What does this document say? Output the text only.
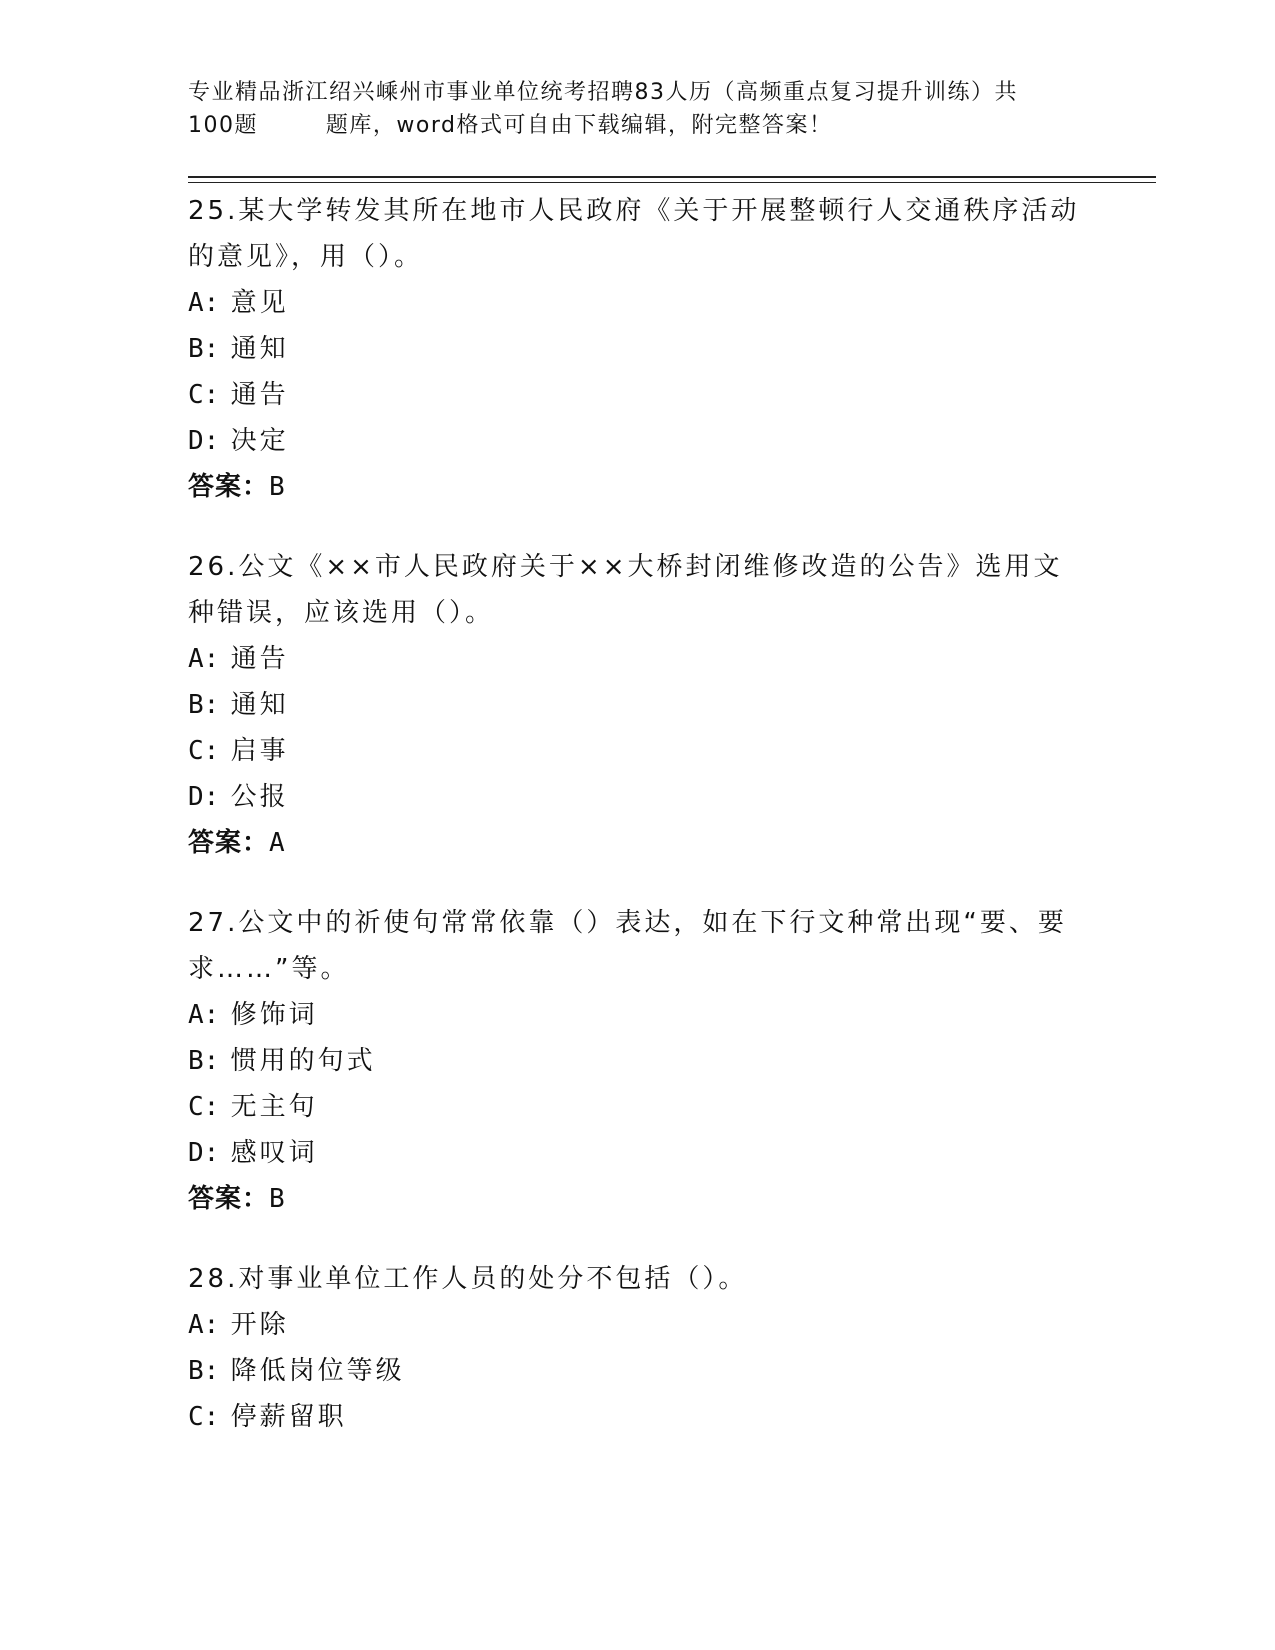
专业精品浙江绍兴嵊州市事业单位统考招聘83人历（高频重点复习提升训练）共

100题        题库，word格式可自由下载编辑，附完整答案！

25.某大学转发其所在地市人民政府《关于开展整顿行人交通秩序活动的意见》，用（）。

A: 意见

B: 通知

C: 通告

D: 决定

答案：B

26.公文《××市人民政府关于××大桥封闭维修改造的公告》选用文种错误，应该选用（）。

A: 通告

B: 通知

C: 启事

D: 公报

答案：A

27.公文中的祈使句常常依靠（）表达，如在下行文种常出现“要、要求……”等。

A: 修饰词

B: 惯用的句式

C: 无主句

D: 感叹词

答案：B

28.对事业单位工作人员的处分不包括（）。

A: 开除

B: 降低岗位等级

C: 停薪留职
